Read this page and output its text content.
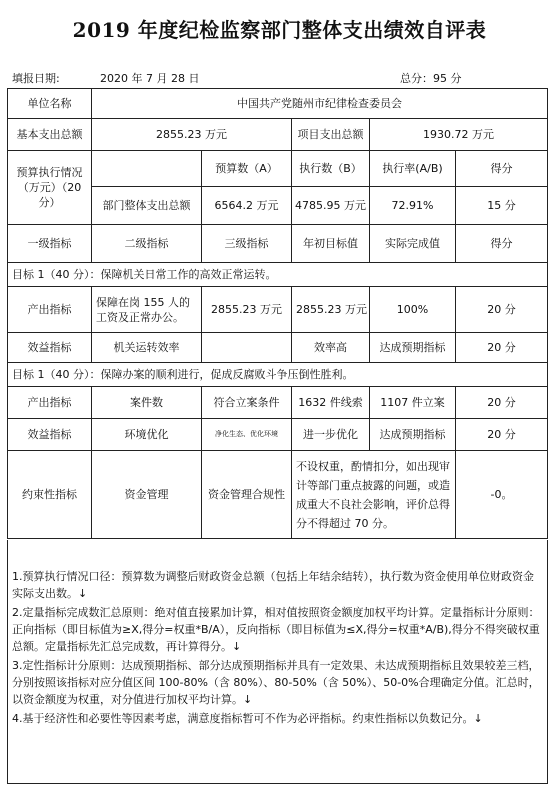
2019 年度纪检监察部门整体支出绩效自评表
填报日期:	2020 年 7 月 28 日	总分：95 分
单位名称	中国共产党随州市纪律检查委员会				
基本支出总额	2855.23 万元		项目支出总额	1930.72 万元	
预算执行情况（万元）（20 分）		预算数（A）	执行数（B）	执行率(A/B)	得分
	部门整体支出总额	6564.2 万元	4785.95 万元	72.91%	15 分
一级指标	二级指标	三级指标	年初目标值	实际完成值	得分
目标 1（40 分）：保障机关日常工作的高效正常运转。					
产出指标	保障在岗 155 人的工资及正常办公。	2855.23 万元	2855.23 万元	100%	20 分
效益指标	机关运转效率		效率高	达成预期指标	20 分
目标 1（40 分）：保障办案的顺利进行，促成反腐败斗争压倒性胜利。					
产出指标	案件数	符合立案条件	1632 件线索	1107 件立案	20 分
效益指标	环境优化	净化生态、优化环境	进一步优化	达成预期指标	20 分
约束性指标	资金管理	资金管理合规性	不设权重，酌情扣分，如出现审计等部门重点披露的问题，或造成重大不良社会影响，评价总得分不得超过 70 分。		-0。

1.预算执行情况口径：预算数为调整后财政资金总额（包括上年结余结转），执行数为资金使用单位财政资金实际支出数。↓

2.定量指标完成数汇总原则：绝对值直接累加计算，相对值按照资金额度加权平均计算。定量指标计分原则：正向指标（即目标值为≥X,得分=权重*B/A），反向指标（即目标值为≤X,得分=权重*A/B),得分不得突破权重总额。定量指标先汇总完成数，再计算得分。↓

3.定性指标计分原则：达成预期指标、部分达成预期指标并具有一定效果、未达成预期指标且效果较差三档，分别按照该指标对应分值区间 100-80%（含 80%）、80-50%（含 50%）、50-0%合理确定分值。汇总时，以资金额度为权重，对分值进行加权平均计算。↓

4.基于经济性和必要性等因素考虑，满意度指标暂可不作为必评指标。约束性指标以负数记分。↓
